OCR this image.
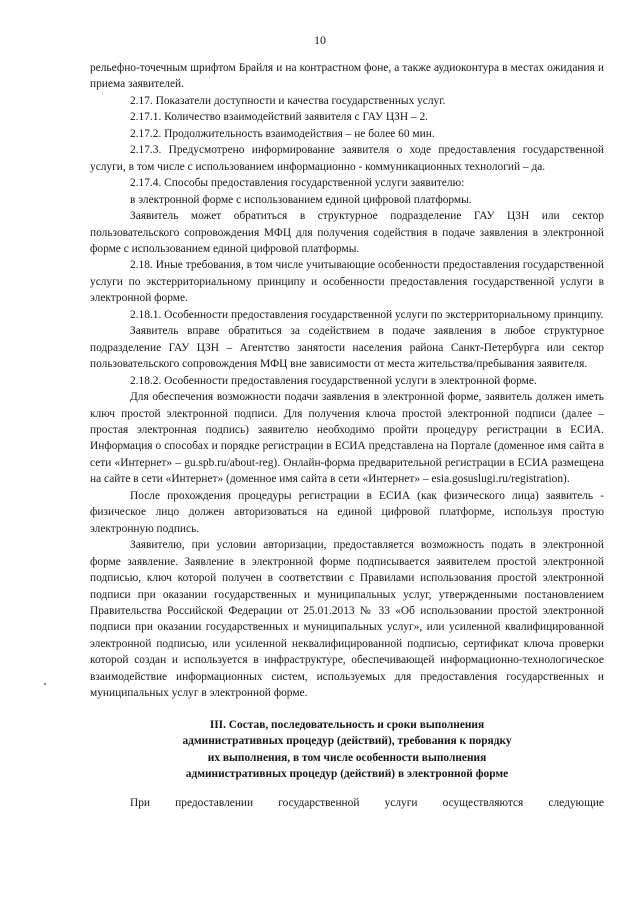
10

рельефно-точечным шрифтом Брайля и на контрастном фоне, а также аудиоконтура в местах ожидания и приема заявителей.

2.17. Показатели доступности и качества государственных услуг.

2.17.1. Количество взаимодействий заявителя с ГАУ ЦЗН – 2.

2.17.2. Продолжительность взаимодействия – не более 60 мин.

2.17.3. Предусмотрено информирование заявителя о ходе предоставления государственной услуги, в том числе с использованием информационно - коммуникационных технологий – да.

2.17.4. Способы предоставления государственной услуги заявителю:

в электронной форме с использованием единой цифровой платформы.

Заявитель может обратиться в структурное подразделение ГАУ ЦЗН или сектор пользовательского сопровождения МФЦ для получения содействия в подаче заявления в электронной форме с использованием единой цифровой платформы.

2.18. Иные требования, в том числе учитывающие особенности предоставления государственной услуги по экстерриториальному принципу и особенности предоставления государственной услуги в электронной форме.

2.18.1. Особенности предоставления государственной услуги по экстерриториальному принципу.

Заявитель вправе обратиться за содействием в подаче заявления в любое структурное подразделение ГАУ ЦЗН – Агентство занятости населения района Санкт-Петербурга или сектор пользовательского сопровождения МФЦ вне зависимости от места жительства/пребывания заявителя.

2.18.2. Особенности предоставления государственной услуги в электронной форме.

Для обеспечения возможности подачи заявления в электронной форме, заявитель должен иметь ключ простой электронной подписи. Для получения ключа простой электронной подписи (далее – простая электронная подпись) заявителю необходимо пройти процедуру регистрации в ЕСИА. Информация о способах и порядке регистрации в ЕСИА представлена на Портале (доменное имя сайта в сети «Интернет» – gu.spb.ru/about-reg). Онлайн-форма предварительной регистрации в ЕСИА размещена на сайте в сети «Интернет» (доменное имя сайта в сети «Интернет» – esia.gosuslugi.ru/registration).

После прохождения процедуры регистрации в ЕСИА (как физического лица) заявитель - физическое лицо должен авторизоваться на единой цифровой платформе, используя простую электронную подпись.

Заявителю, при условии авторизации, предоставляется возможность подать в электронной форме заявление. Заявление в электронной форме подписывается заявителем простой электронной подписью, ключ которой получен в соответствии с Правилами использования простой электронной подписи при оказании государственных и муниципальных услуг, утвержденными постановлением Правительства Российской Федерации от 25.01.2013 № 33 «Об использовании простой электронной подписи при оказании государственных и муниципальных услуг», или усиленной квалифицированной электронной подписью, или усиленной неквалифицированной подписью, сертификат ключа проверки которой создан и используется в инфраструктуре, обеспечивающей информационно-технологическое взаимодействие информационных систем, используемых для предоставления государственных и муниципальных услуг в электронной форме.

III. Состав, последовательность и сроки выполнения
административных процедур (действий), требования к порядку
их выполнения, в том числе особенности выполнения
административных процедур (действий) в электронной форме

При предоставлении государственной услуги осуществляются следующие
